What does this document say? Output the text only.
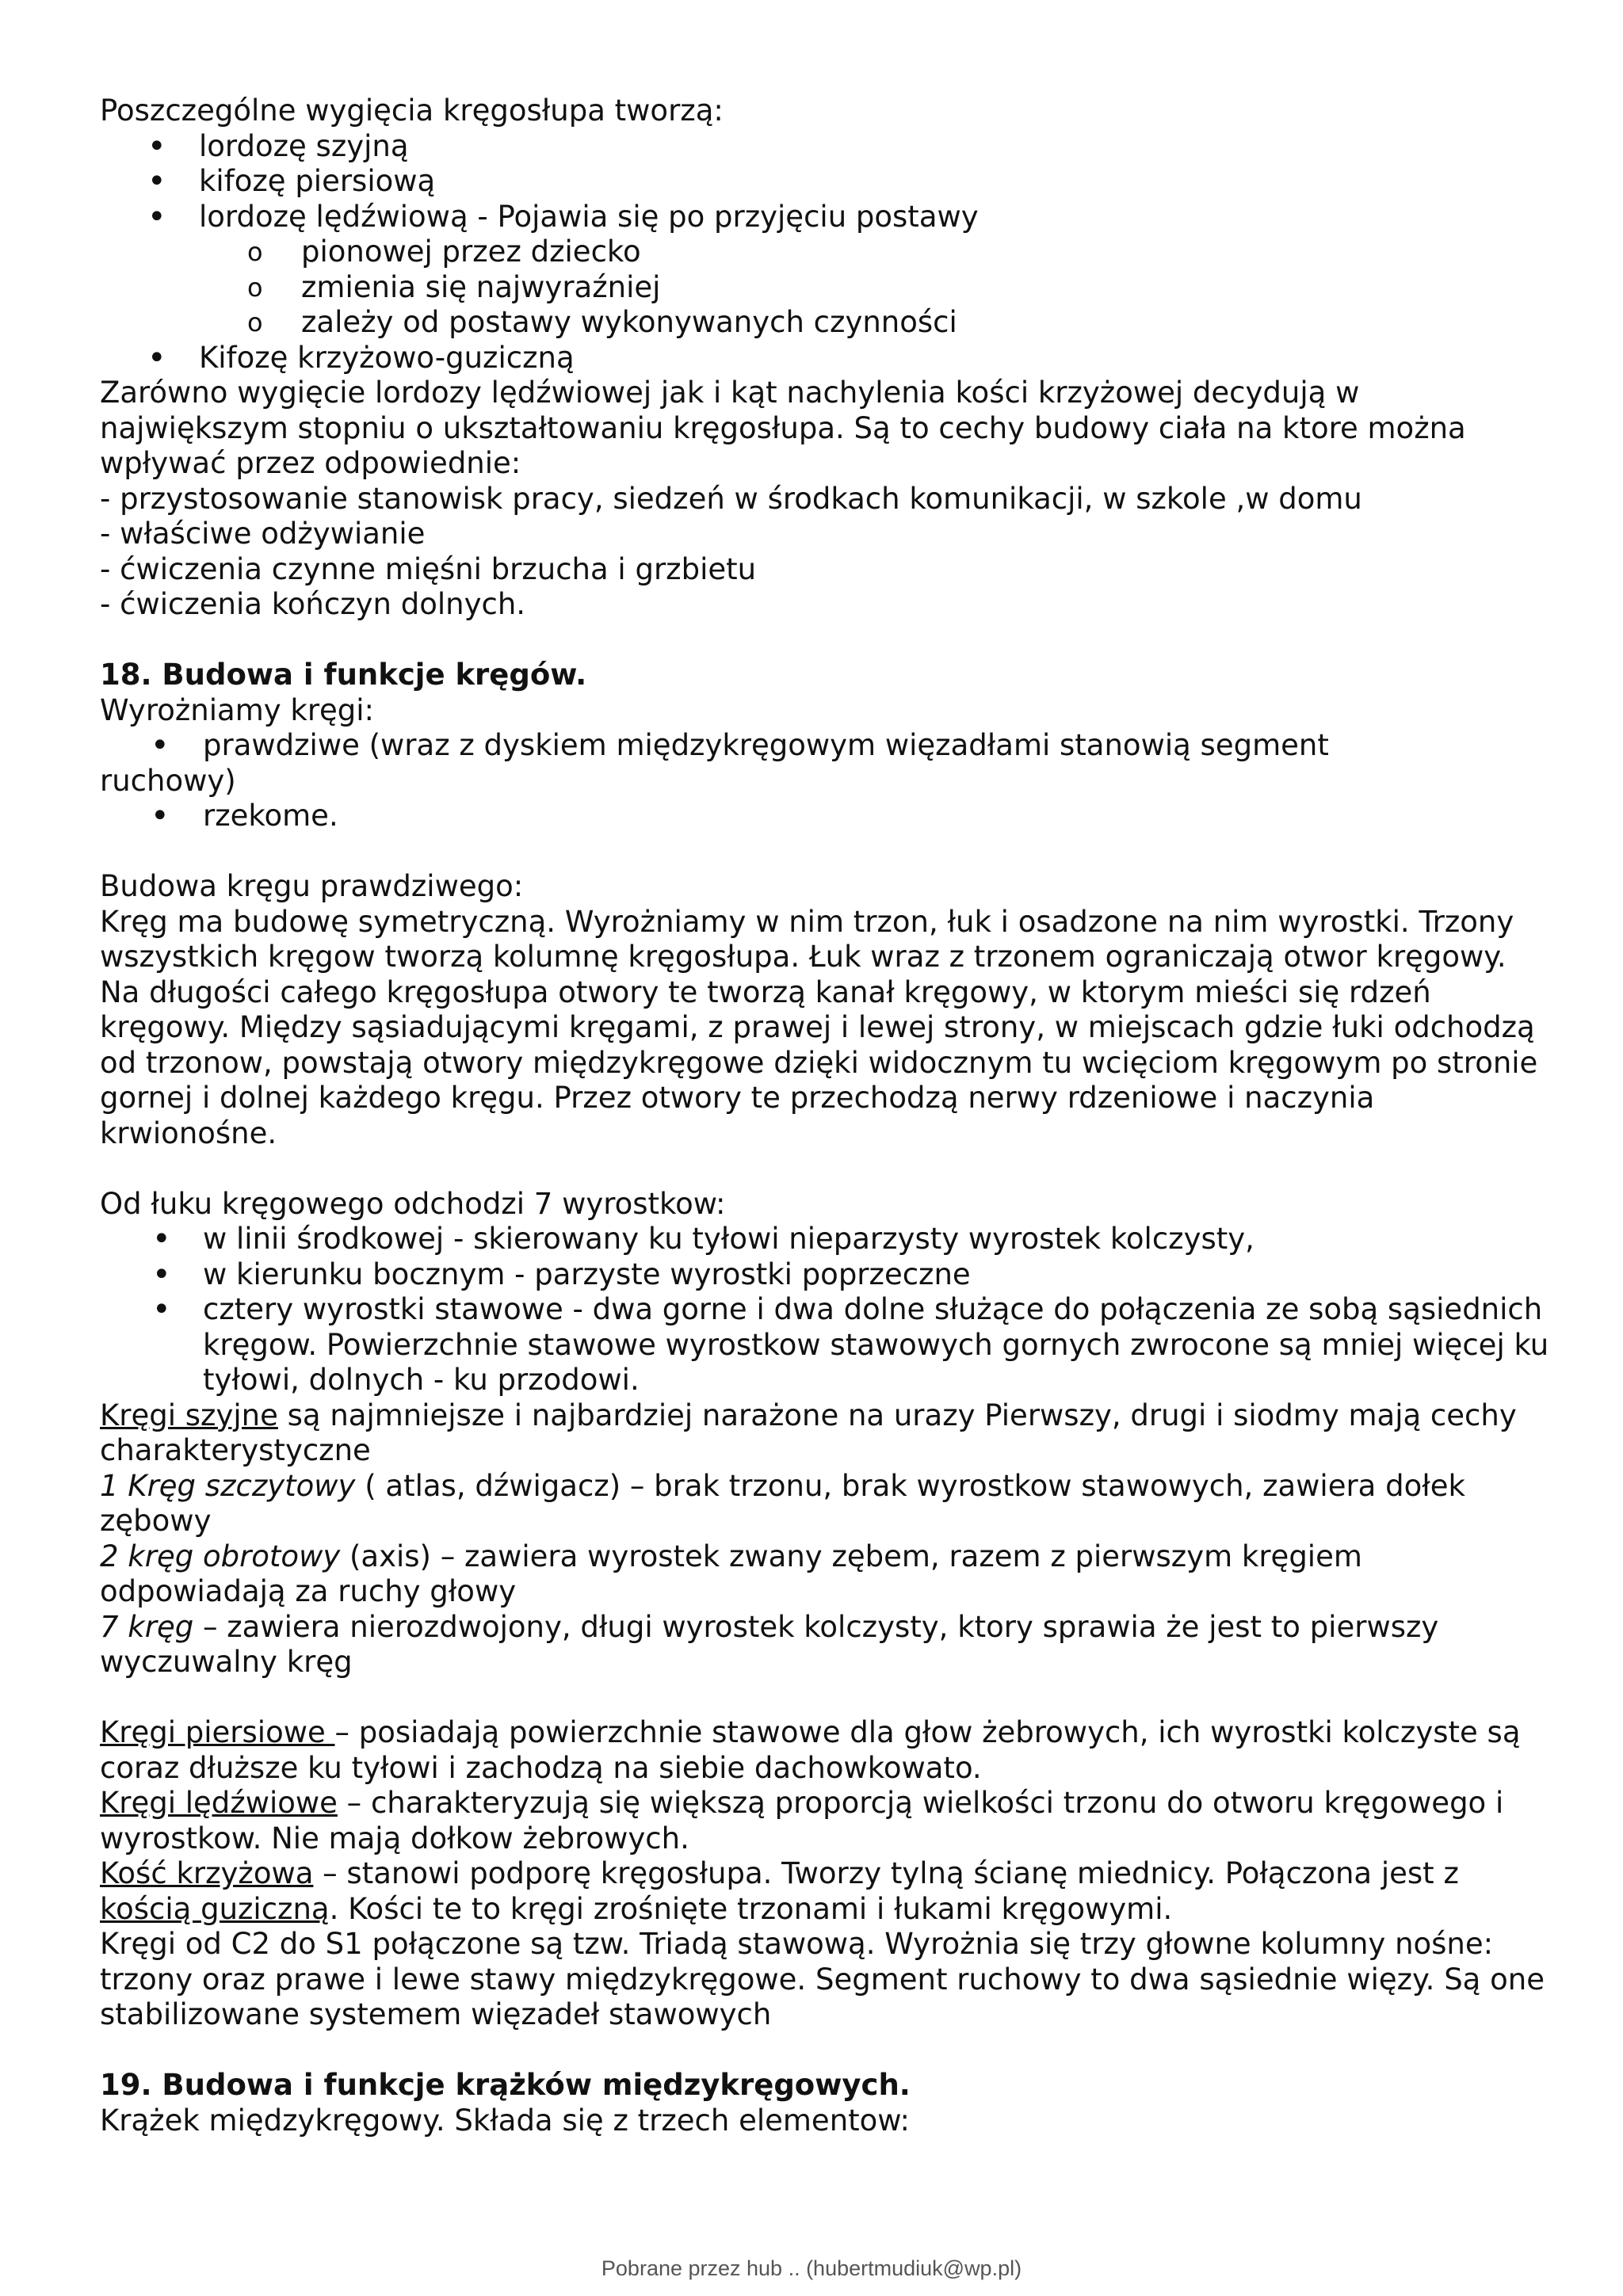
Poszczególne wygięcia kręgosłupa tworzą:

• lordozę szyjną
• kifozę piersiową
• lordozę lędźwiową - Pojawia się po przyjęciu postawy
o pionowej przez dziecko
o zmienia się najwyraźniej
o zależy od postawy wykonywanych czynności
• Kifozę krzyżowo-guziczną

Zarówno wygięcie lordozy lędźwiowej jak i kąt nachylenia kości krzyżowej decydują w największym stopniu o ukształtowaniu kręgosłupa. Są to cechy budowy ciała na ktore można wpływać przez odpowiednie:

- przystosowanie stanowisk pracy, siedzeń w środkach komunikacji, w szkole ,w domu

- właściwe odżywianie

- ćwiczenia czynne mięśni brzucha i grzbietu

- ćwiczenia kończyn dolnych.

18. Budowa i funkcje kręgów.

Wyrożniamy kręgi:

• prawdziwe (wraz z dyskiem międzykręgowym więzadłami stanowią segment

ruchowy)

• rzekome.

Budowa kręgu prawdziwego:

Kręg ma budowę symetryczną. Wyrożniamy w nim trzon, łuk i osadzone na nim wyrostki. Trzony wszystkich kręgow tworzą kolumnę kręgosłupa. Łuk wraz z trzonem ograniczają otwor kręgowy. Na długości całego kręgosłupa otwory te tworzą kanał kręgowy, w ktorym mieści się rdzeń kręgowy. Między sąsiadującymi kręgami, z prawej i lewej strony, w miejscach gdzie łuki odchodzą od trzonow, powstają otwory międzykręgowe dzięki widocznym tu wcięciom kręgowym po stronie gornej i dolnej każdego kręgu. Przez otwory te przechodzą nerwy rdzeniowe i naczynia krwionośne.

Od łuku kręgowego odchodzi 7 wyrostkow:

• w linii środkowej - skierowany ku tyłowi nieparzysty wyrostek kolczysty,
• w kierunku bocznym - parzyste wyrostki poprzeczne
• cztery wyrostki stawowe - dwa gorne i dwa dolne służące do połączenia ze sobą sąsiednich kręgow. Powierzchnie stawowe wyrostkow stawowych gornych zwrocone są mniej więcej ku tyłowi, dolnych - ku przodowi.

Kręgi szyjne są najmniejsze i najbardziej narażone na urazy Pierwszy, drugi i siodmy mają cechy charakterystyczne

1 Kręg szczytowy ( atlas, dźwigacz) – brak trzonu, brak wyrostkow stawowych, zawiera dołek zębowy

2 kręg obrotowy (axis) – zawiera wyrostek zwany zębem, razem z pierwszym kręgiem odpowiadają za ruchy głowy

7 kręg – zawiera nierozdwojony, długi wyrostek kolczysty, ktory sprawia że jest to pierwszy wyczuwalny kręg

Kręgi piersiowe – posiadają powierzchnie stawowe dla głow żebrowych, ich wyrostki kolczyste są coraz dłuższe ku tyłowi i zachodzą na siebie dachowkowato.

Kręgi lędźwiowe – charakteryzują się większą proporcją wielkości trzonu do otworu kręgowego i wyrostkow. Nie mają dołkow żebrowych.

Kość krzyżowa – stanowi podporę kręgosłupa. Tworzy tylną ścianę miednicy. Połączona jest z kością guziczną. Kości te to kręgi zrośnięte trzonami i łukami kręgowymi.

Kręgi od C2 do S1 połączone są tzw. Triadą stawową. Wyrożnia się trzy głowne kolumny nośne: trzony oraz prawe i lewe stawy międzykręgowe. Segment ruchowy to dwa sąsiednie więzy. Są one stabilizowane systemem więzadeł stawowych

19. Budowa i funkcje krążków międzykręgowych.

Krążek międzykręgowy. Składa się z trzech elementow:

Pobrane przez hub .. (hubertmudiuk@wp.pl)
